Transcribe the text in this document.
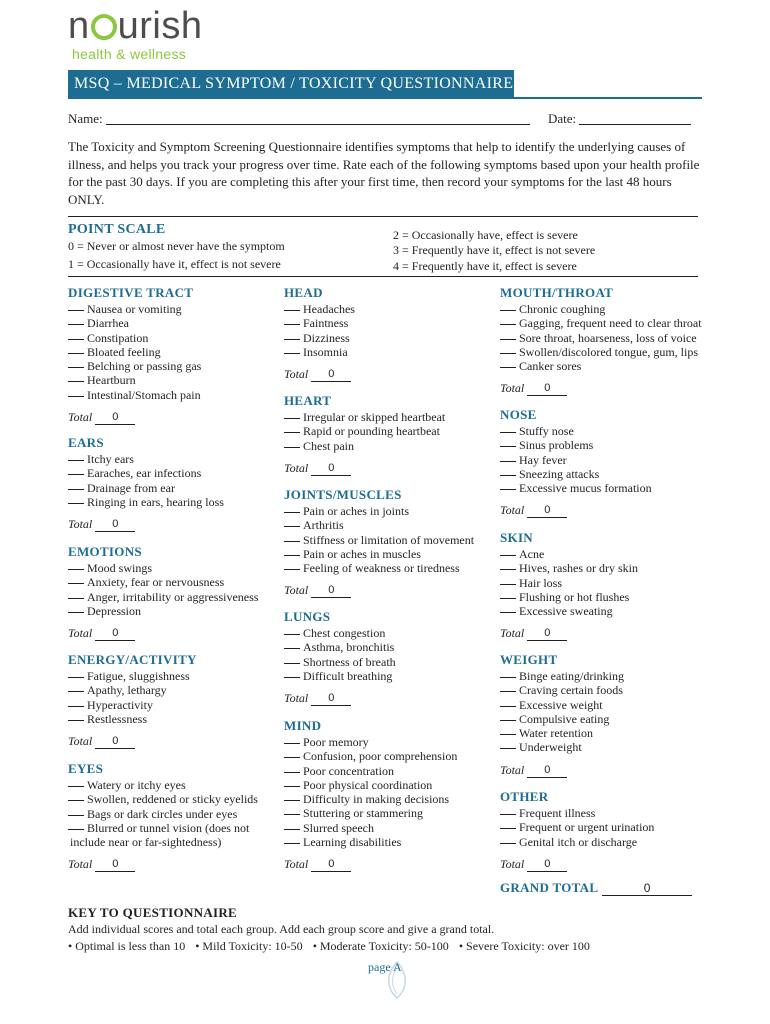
n urish
health & wellness
MSQ – MEDICAL SYMPTOM / TOXICITY QUESTIONNAIRE
Name:	Date:
The Toxicity and Symptom Screening Questionnaire identifies symptoms that help to identify the underlying causes of illness, and helps you track your progress over time. Rate each of the following symptoms based upon your health profile for the past 30 days. If you are completing this after your first time, then record your symptoms for the last 48 hours ONLY.
POINT SCALE
0 = Never or almost never have the symptom
1 = Occasionally have it, effect is not severe
2 = Occasionally have, effect is severe
3 = Frequently have it, effect is not severe
4 = Frequently have it, effect is severe
DIGESTIVE TRACT
Nausea or vomiting
Diarrhea
Constipation
Bloated feeling
Belching or passing gas
Heartburn
Intestinal/Stomach pain
Total 0
EARS
Itchy ears
Earaches, ear infections
Drainage from ear
Ringing in ears, hearing loss
Total 0
EMOTIONS
Mood swings
Anxiety, fear or nervousness
Anger, irritability or aggressiveness
Depression
Total 0
ENERGY/ACTIVITY
Fatigue, sluggishness
Apathy, lethargy
Hyperactivity
Restlessness
Total 0
EYES
Watery or itchy eyes
Swollen, reddened or sticky eyelids
Bags or dark circles under eyes
Blurred or tunnel vision (does not
include near or far-sightedness)
Total 0
HEAD
Headaches
Faintness
Dizziness
Insomnia
Total 0
HEART
Irregular or skipped heartbeat
Rapid or pounding heartbeat
Chest pain
Total 0
JOINTS/MUSCLES
Pain or aches in joints
Arthritis
Stiffness or limitation of movement
Pain or aches in muscles
Feeling of weakness or tiredness
Total 0
LUNGS
Chest congestion
Asthma, bronchitis
Shortness of breath
Difficult breathing
Total 0
MIND
Poor memory
Confusion, poor comprehension
Poor concentration
Poor physical coordination
Difficulty in making decisions
Stuttering or stammering
Slurred speech
Learning disabilities
Total 0
MOUTH/THROAT
Chronic coughing
Gagging, frequent need to clear throat
Sore throat, hoarseness, loss of voice
Swollen/discolored tongue, gum, lips
Canker sores
Total 0
NOSE
Stuffy nose
Sinus problems
Hay fever
Sneezing attacks
Excessive mucus formation
Total 0
SKIN
Acne
Hives, rashes or dry skin
Hair loss
Flushing or hot flushes
Excessive sweating
Total 0
WEIGHT
Binge eating/drinking
Craving certain foods
Excessive weight
Compulsive eating
Water retention
Underweight
Total 0
OTHER
Frequent illness
Frequent or urgent urination
Genital itch or discharge
Total 0
GRAND TOTAL	0
KEY TO QUESTIONNAIRE
Add individual scores and total each group. Add each group score and give a grand total.
• Optimal is less than 10 • Mild Toxicity: 10-50 • Moderate Toxicity: 50-100 • Severe Toxicity: over 100
page A
